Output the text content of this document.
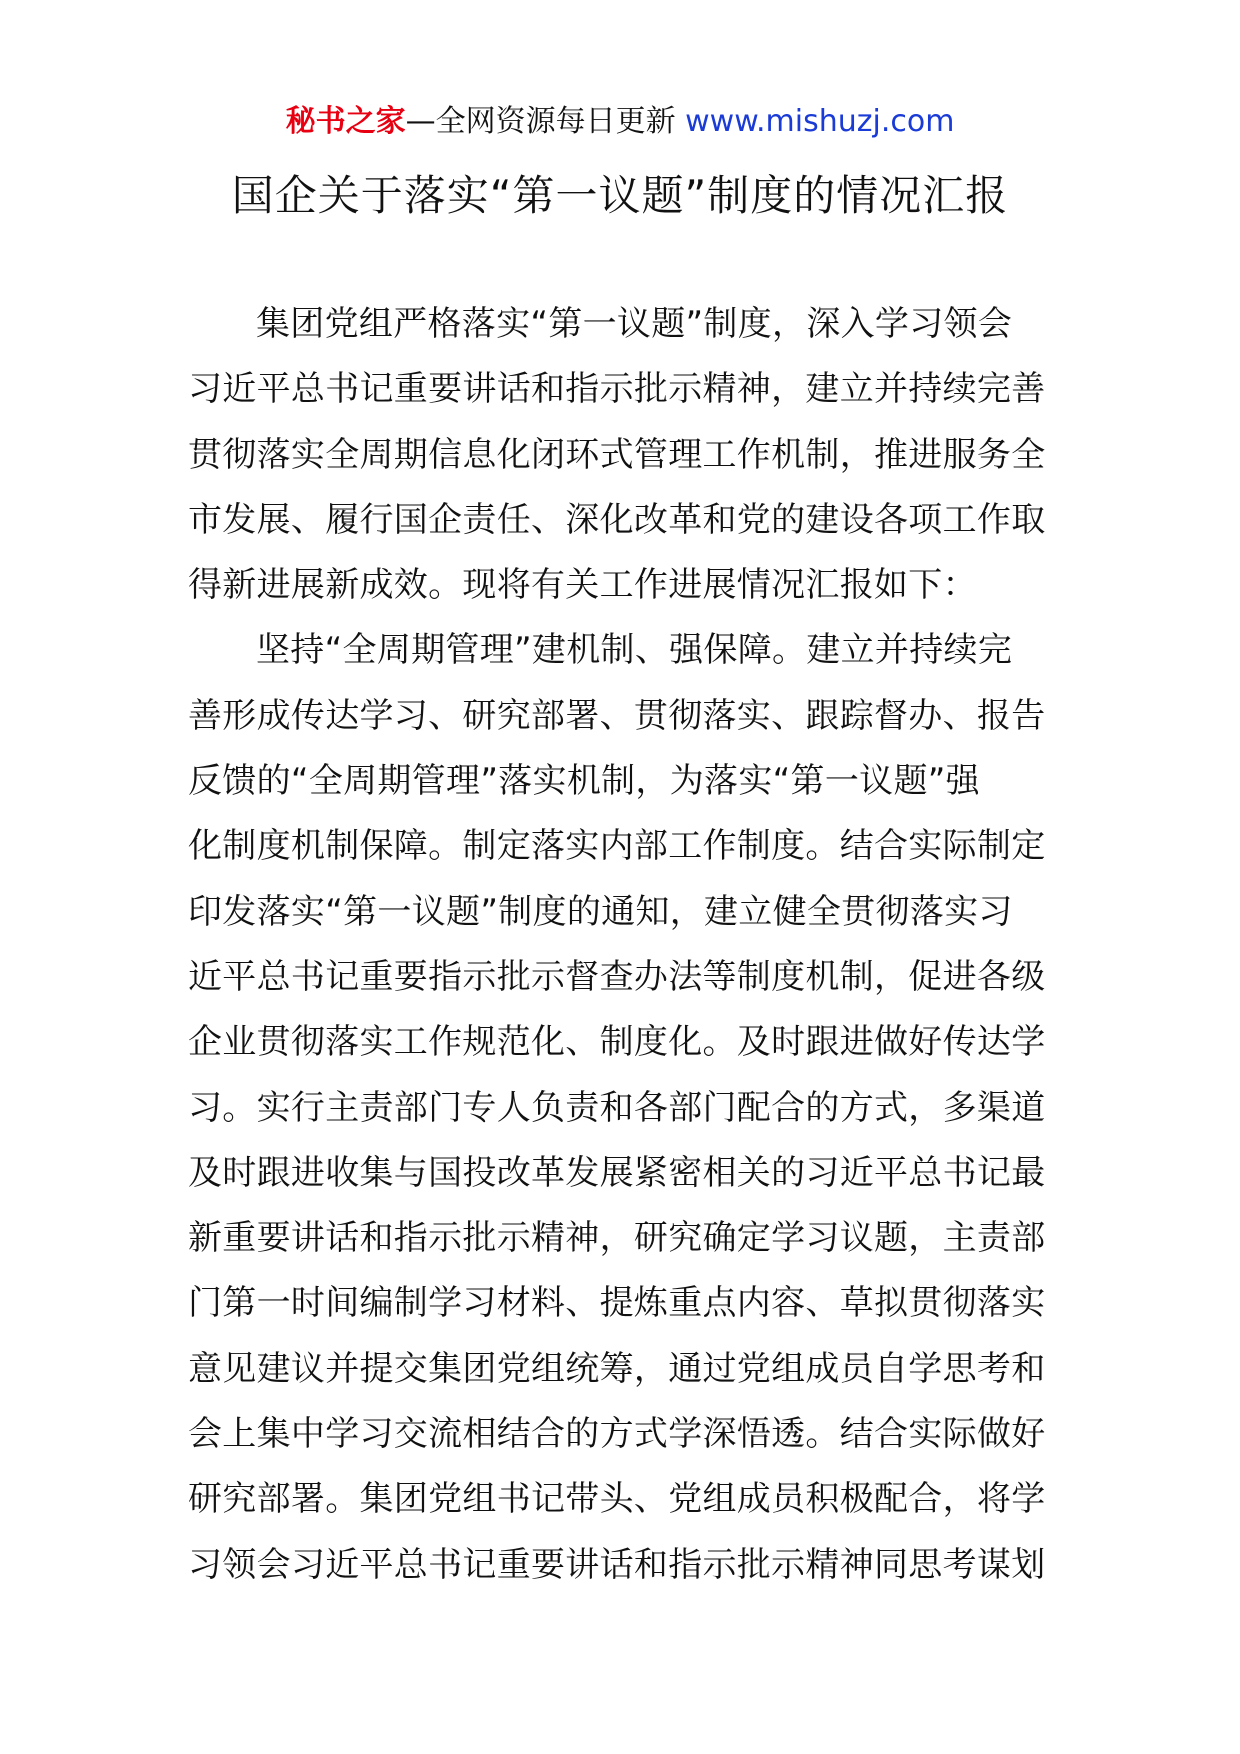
秘书之家—全网资源每日更新 www.mishuzj.com
国企关于落实“第一议题”制度的情况汇报
集团党组严格落实“第一议题”制度，深入学习领会
习近平总书记重要讲话和指示批示精神，建立并持续完善
贯彻落实全周期信息化闭环式管理工作机制，推进服务全
市发展、履行国企责任、深化改革和党的建设各项工作取
得新进展新成效。现将有关工作进展情况汇报如下：
坚持“全周期管理”建机制、强保障。建立并持续完
善形成传达学习、研究部署、贯彻落实、跟踪督办、报告
反馈的“全周期管理”落实机制，为落实“第一议题”强
化制度机制保障。制定落实内部工作制度。结合实际制定
印发落实“第一议题”制度的通知，建立健全贯彻落实习
近平总书记重要指示批示督查办法等制度机制，促进各级
企业贯彻落实工作规范化、制度化。及时跟进做好传达学
习。实行主责部门专人负责和各部门配合的方式，多渠道
及时跟进收集与国投改革发展紧密相关的习近平总书记最
新重要讲话和指示批示精神，研究确定学习议题，主责部
门第一时间编制学习材料、提炼重点内容、草拟贯彻落实
意见建议并提交集团党组统筹，通过党组成员自学思考和
会上集中学习交流相结合的方式学深悟透。结合实际做好
研究部署。集团党组书记带头、党组成员积极配合，将学
习领会习近平总书记重要讲话和指示批示精神同思考谋划
